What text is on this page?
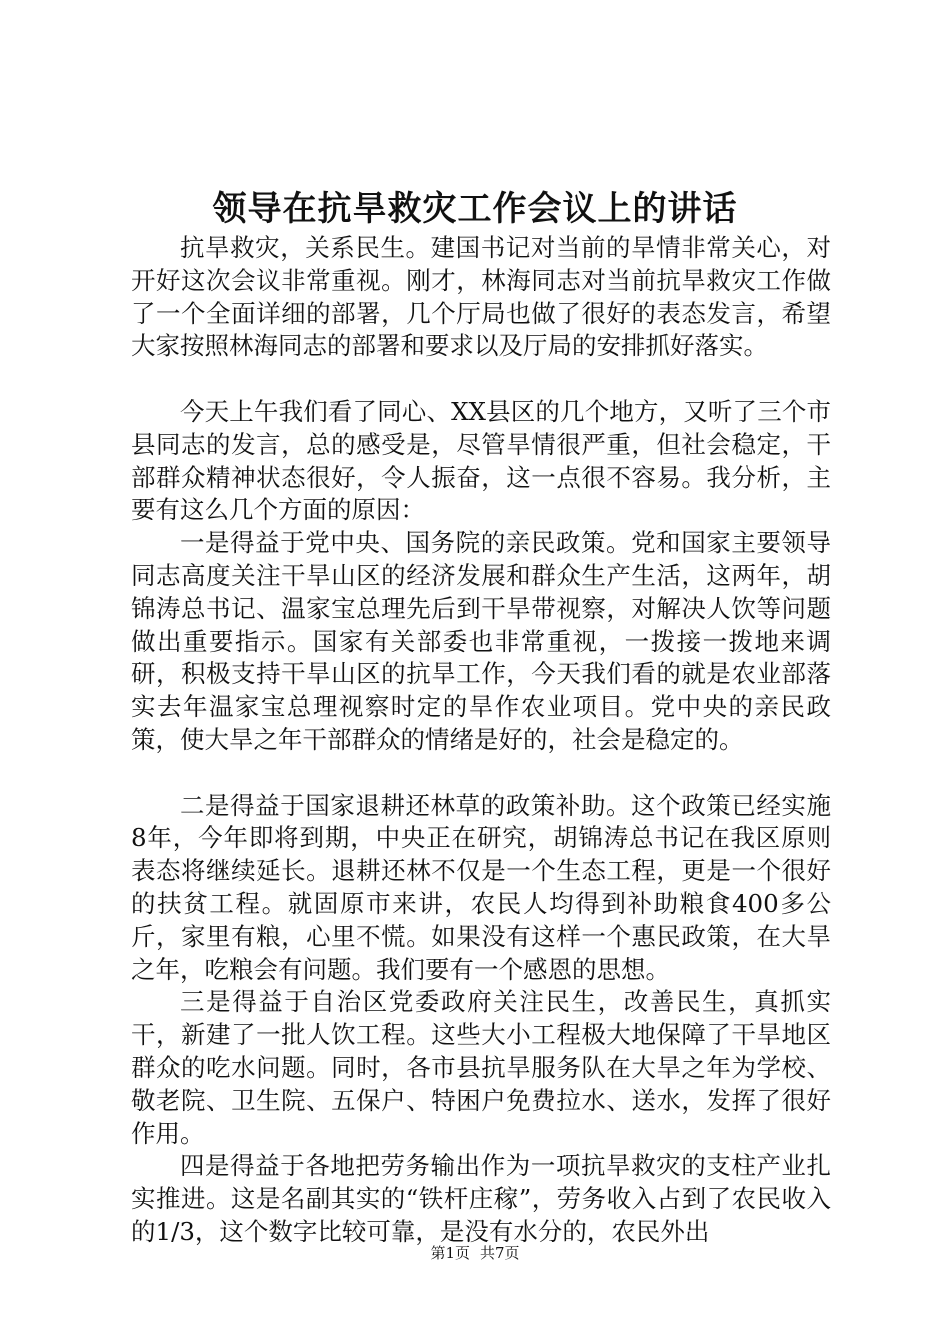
领导在抗旱救灾工作会议上的讲话

抗旱救灾，关系民生。建国书记对当前的旱情非常关心，对开好这次会议非常重视。刚才，林海同志对当前抗旱救灾工作做了一个全面详细的部署，几个厅局也做了很好的表态发言，希望大家按照林海同志的部署和要求以及厅局的安排抓好落实。

今天上午我们看了同心、XX县区的几个地方，又听了三个市县同志的发言，总的感受是，尽管旱情很严重，但社会稳定，干部群众精神状态很好，令人振奋，这一点很不容易。我分析，主要有这么几个方面的原因：

一是得益于党中央、国务院的亲民政策。党和国家主要领导同志高度关注干旱山区的经济发展和群众生产生活，这两年，胡锦涛总书记、温家宝总理先后到干旱带视察，对解决人饮等问题做出重要指示。国家有关部委也非常重视，一拨接一拨地来调研，积极支持干旱山区的抗旱工作，今天我们看的就是农业部落实去年温家宝总理视察时定的旱作农业项目。党中央的亲民政策，使大旱之年干部群众的情绪是好的，社会是稳定的。

二是得益于国家退耕还林草的政策补助。这个政策已经实施8年，今年即将到期，中央正在研究，胡锦涛总书记在我区原则表态将继续延长。退耕还林不仅是一个生态工程，更是一个很好的扶贫工程。就固原市来讲，农民人均得到补助粮食400多公斤，家里有粮，心里不慌。如果没有这样一个惠民政策，在大旱之年，吃粮会有问题。我们要有一个感恩的思想。

三是得益于自治区党委政府关注民生，改善民生，真抓实干，新建了一批人饮工程。这些大小工程极大地保障了干旱地区群众的吃水问题。同时，各市县抗旱服务队在大旱之年为学校、敬老院、卫生院、五保户、特困户免费拉水、送水，发挥了很好作用。

四是得益于各地把劳务输出作为一项抗旱救灾的支柱产业扎实推进。这是名副其实的“铁杆庄稼”，劳务收入占到了农民收入的1/3，这个数字比较可靠，是没有水分的，农民外出

第1页 共7页
